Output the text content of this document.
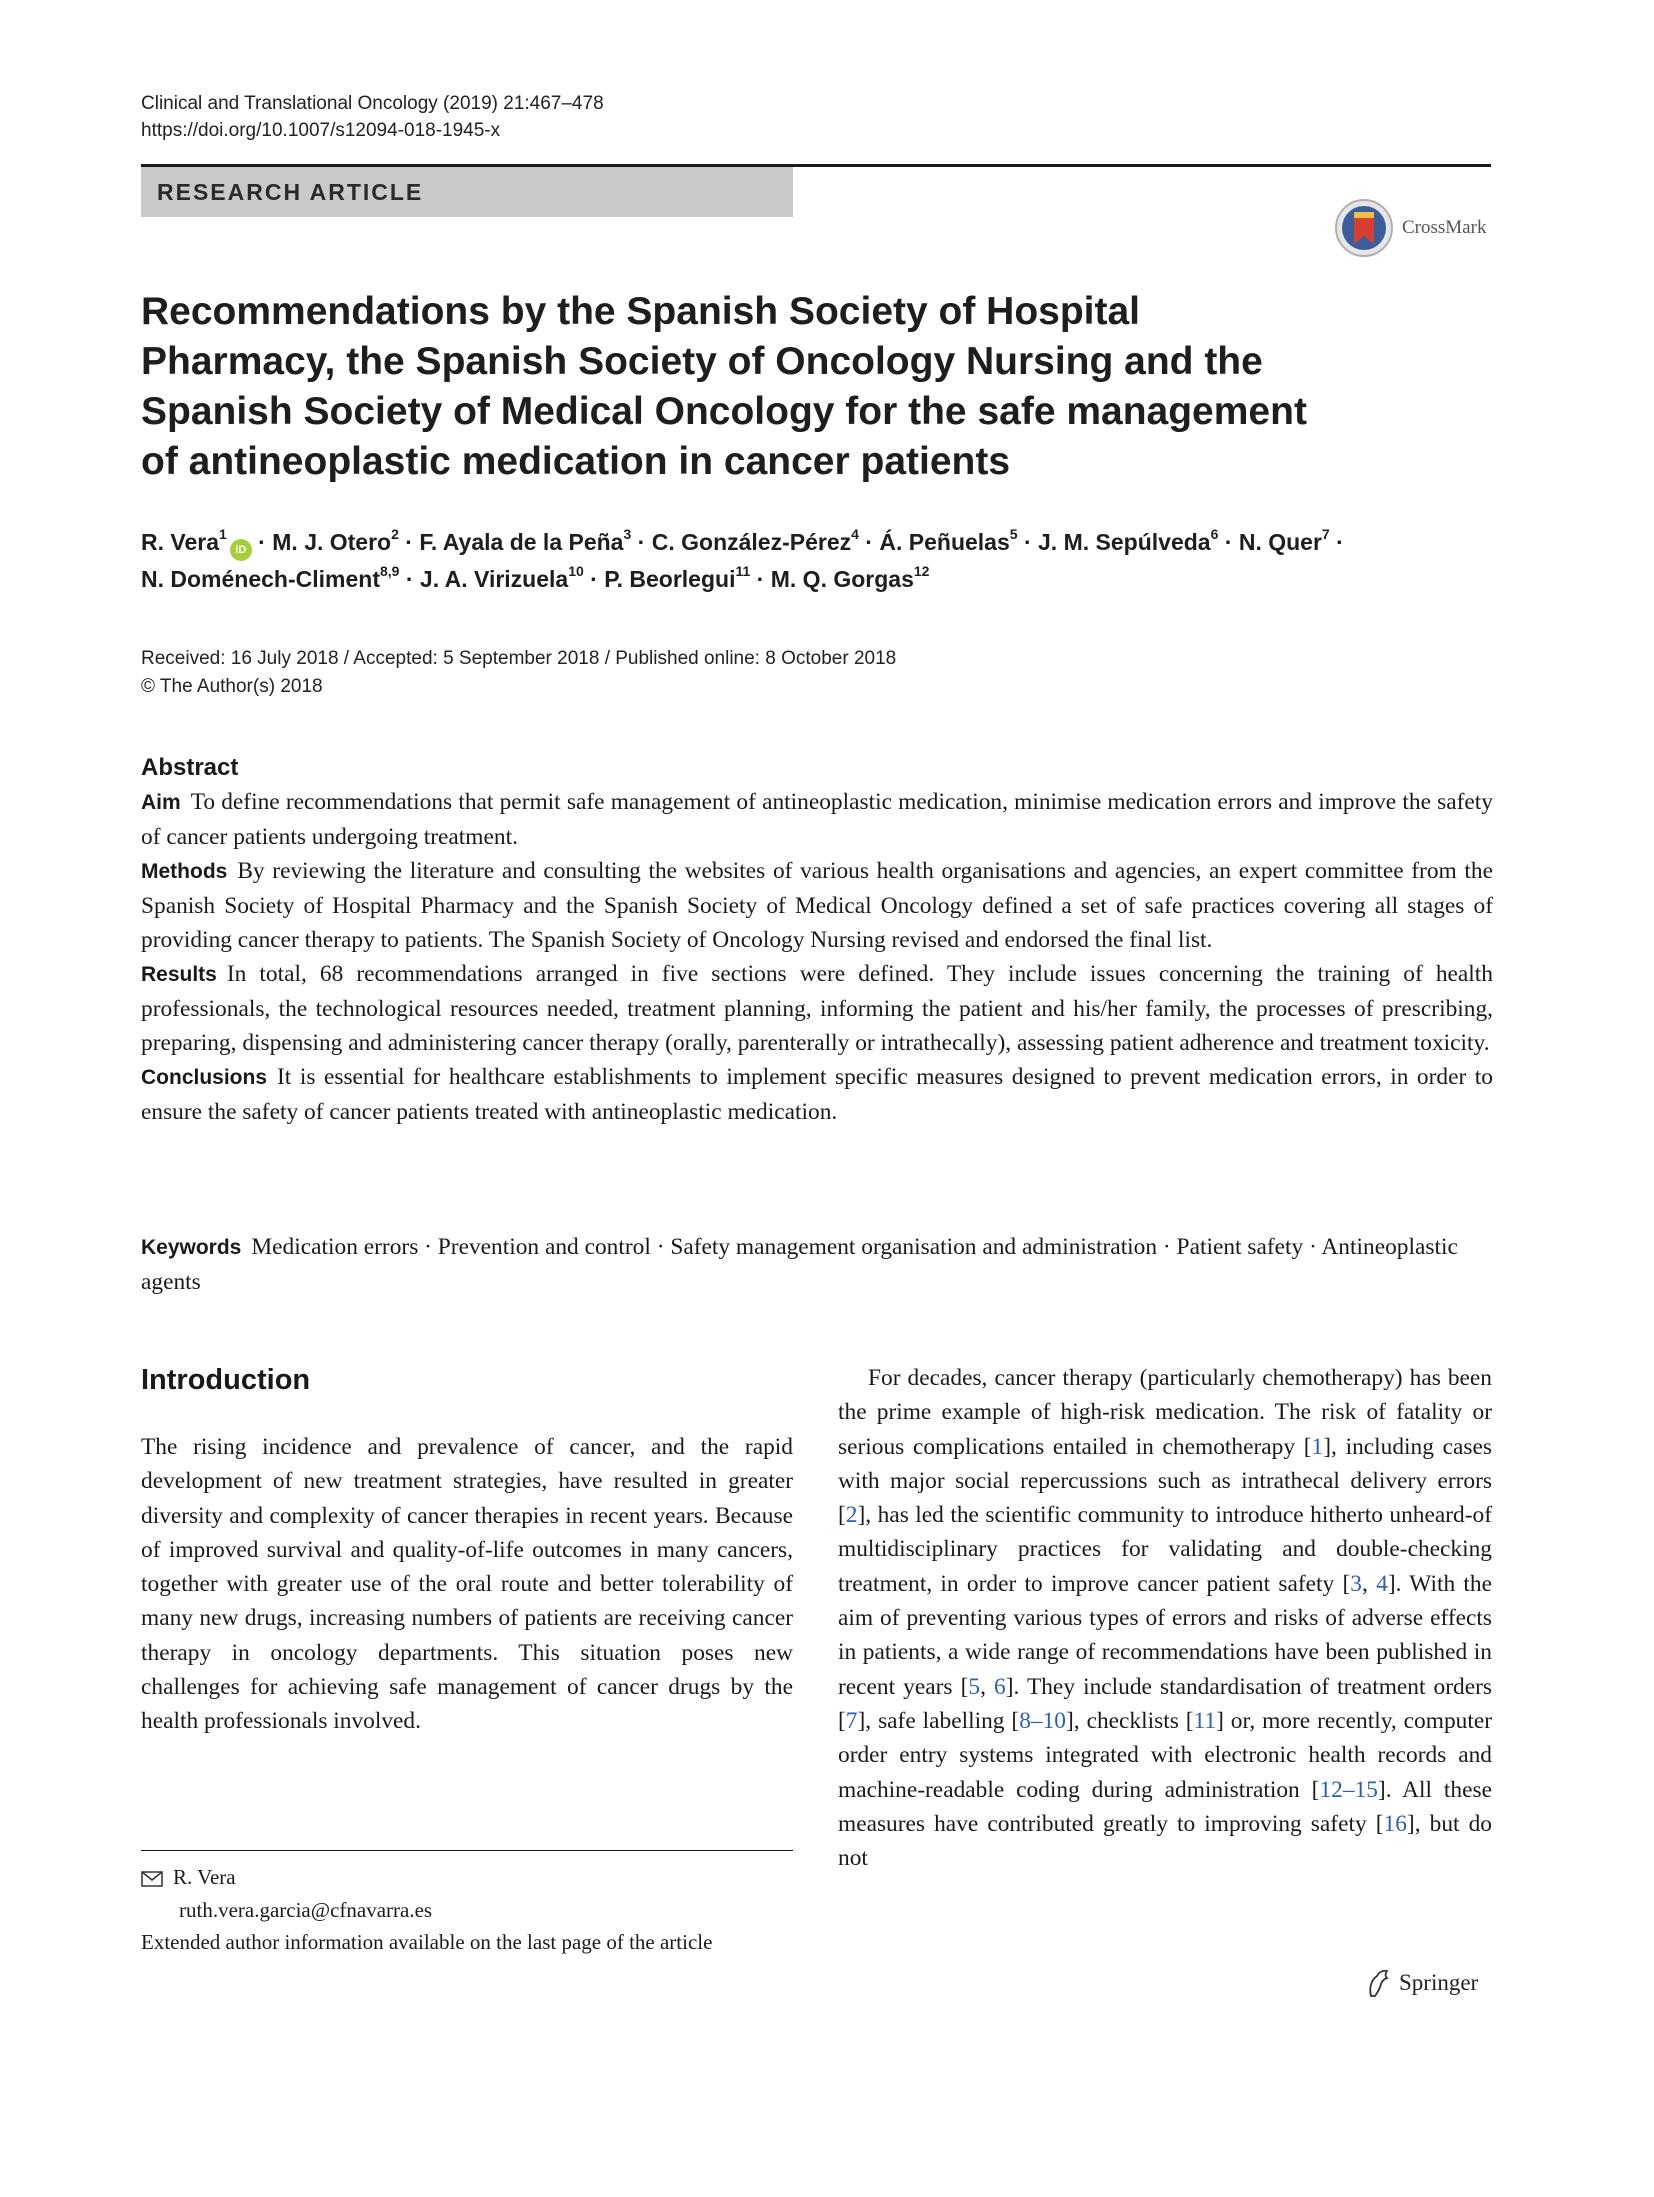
Clinical and Translational Oncology (2019) 21:467–478
https://doi.org/10.1007/s12094-018-1945-x
RESEARCH ARTICLE
CrossMark
Recommendations by the Spanish Society of Hospital Pharmacy, the Spanish Society of Oncology Nursing and the Spanish Society of Medical Oncology for the safe management of antineoplastic medication in cancer patients
R. Vera$^1$iD · M. J. Otero$^2$ · F. Ayala de la Peña$^3$ · C. González-Pérez$^4$ · Á. Peñuelas$^5$ · J. M. Sepúlveda$^6$ · N. Quer$^7$ ·
N. Doménech-Climent$^{8,9}$ · J. A. Virizuela$^{10}$ · P. Beorlegui$^{11}$ · M. Q. Gorgas$^{12}$
Received: 16 July 2018 / Accepted: 5 September 2018 / Published online: 8 October 2018
© The Author(s) 2018
Abstract

Aim To define recommendations that permit safe management of antineoplastic medication, minimise medication errors and improve the safety of cancer patients undergoing treatment.

Methods By reviewing the literature and consulting the websites of various health organisations and agencies, an expert committee from the Spanish Society of Hospital Pharmacy and the Spanish Society of Medical Oncology defined a set of safe practices covering all stages of providing cancer therapy to patients. The Spanish Society of Oncology Nursing revised and endorsed the final list.

Results In total, 68 recommendations arranged in five sections were defined. They include issues concerning the training of health professionals, the technological resources needed, treatment planning, informing the patient and his/her family, the processes of prescribing, preparing, dispensing and administering cancer therapy (orally, parenterally or intrathecally), assessing patient adherence and treatment toxicity.

Conclusions It is essential for healthcare establishments to implement specific measures designed to prevent medication errors, in order to ensure the safety of cancer patients treated with antineoplastic medication.

Keywords Medication errors · Prevention and control · Safety management organisation and administration · Patient safety · Antineoplastic agents
Introduction

The rising incidence and prevalence of cancer, and the rapid development of new treatment strategies, have resulted in greater diversity and complexity of cancer therapies in recent years. Because of improved survival and quality-of-life outcomes in many cancers, together with greater use of the oral route and better tolerability of many new drugs, increasing numbers of patients are receiving cancer therapy in oncology departments. This situation poses new challenges for achieving safe management of cancer drugs by the health professionals involved.

For decades, cancer therapy (particularly chemotherapy) has been the prime example of high-risk medication. The risk of fatality or serious complications entailed in chemotherapy [1], including cases with major social repercussions such as intrathecal delivery errors [2], has led the scientific community to introduce hitherto unheard-of multidisciplinary practices for validating and double-checking treatment, in order to improve cancer patient safety [3, 4]. With the aim of preventing various types of errors and risks of adverse effects in patients, a wide range of recommendations have been published in recent years [5, 6]. They include standardisation of treatment orders [7], safe labelling [8–10], checklists [11] or, more recently, computer order entry systems integrated with electronic health records and machine-readable coding during administration [12–15]. All these measures have contributed greatly to improving safety [16], but do not

R. Vera
ruth.vera.garcia@cfnavarra.es
Extended author information available on the last page of the article
Springer
